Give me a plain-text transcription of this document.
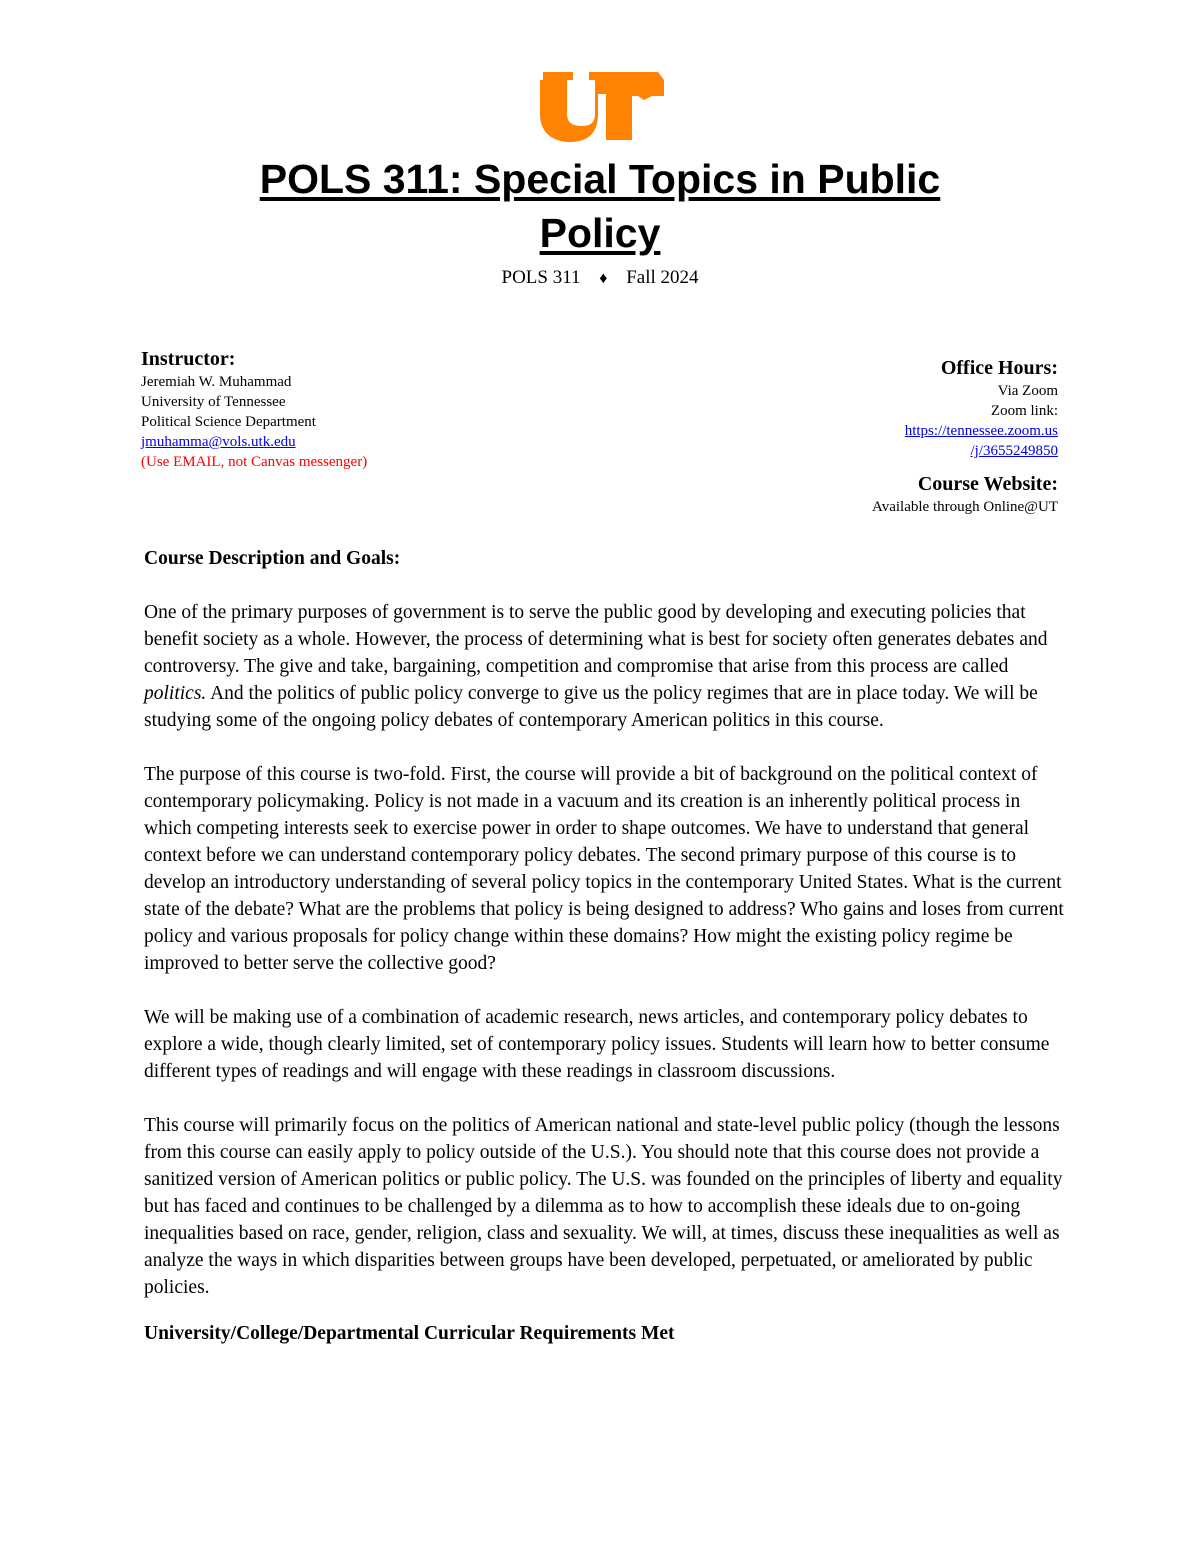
POLS 311: Special Topics in Public
Policy
POLS 311 ♦ Fall 2024
Instructor:
Jeremiah W. Muhammad
University of Tennessee
Political Science Department
jmuhamma@vols.utk.edu
(Use EMAIL, not Canvas messenger)
Office Hours:
Via Zoom
Zoom link:
https://tennessee.zoom.us
/j/3655249850
Course Website:
Available through Online@UT
Course Description and Goals:

One of the primary purposes of government is to serve the public good by developing and executing policies that benefit society as a whole. However, the process of determining what is best for society often generates debates and controversy. The give and take, bargaining, competition and compromise that arise from this process are called politics. And the politics of public policy converge to give us the policy regimes that are in place today. We will be studying some of the ongoing policy debates of contemporary American politics in this course.

The purpose of this course is two-fold. First, the course will provide a bit of background on the political context of contemporary policymaking. Policy is not made in a vacuum and its creation is an inherently political process in which competing interests seek to exercise power in order to shape outcomes. We have to understand that general context before we can understand contemporary policy debates. The second primary purpose of this course is to develop an introductory understanding of several policy topics in the contemporary United States. What is the current state of the debate? What are the problems that policy is being designed to address? Who gains and loses from current policy and various proposals for policy change within these domains? How might the existing policy regime be improved to better serve the collective good?

We will be making use of a combination of academic research, news articles, and contemporary policy debates to explore a wide, though clearly limited, set of contemporary policy issues. Students will learn how to better consume different types of readings and will engage with these readings in classroom discussions.

This course will primarily focus on the politics of American national and state-level public policy (though the lessons from this course can easily apply to policy outside of the U.S.). You should note that this course does not provide a sanitized version of American politics or public policy. The U.S. was founded on the principles of liberty and equality but has faced and continues to be challenged by a dilemma as to how to accomplish these ideals due to on-going inequalities based on race, gender, religion, class and sexuality. We will, at times, discuss these inequalities as well as analyze the ways in which disparities between groups have been developed, perpetuated, or ameliorated by public policies.

University/College/Departmental Curricular Requirements Met
